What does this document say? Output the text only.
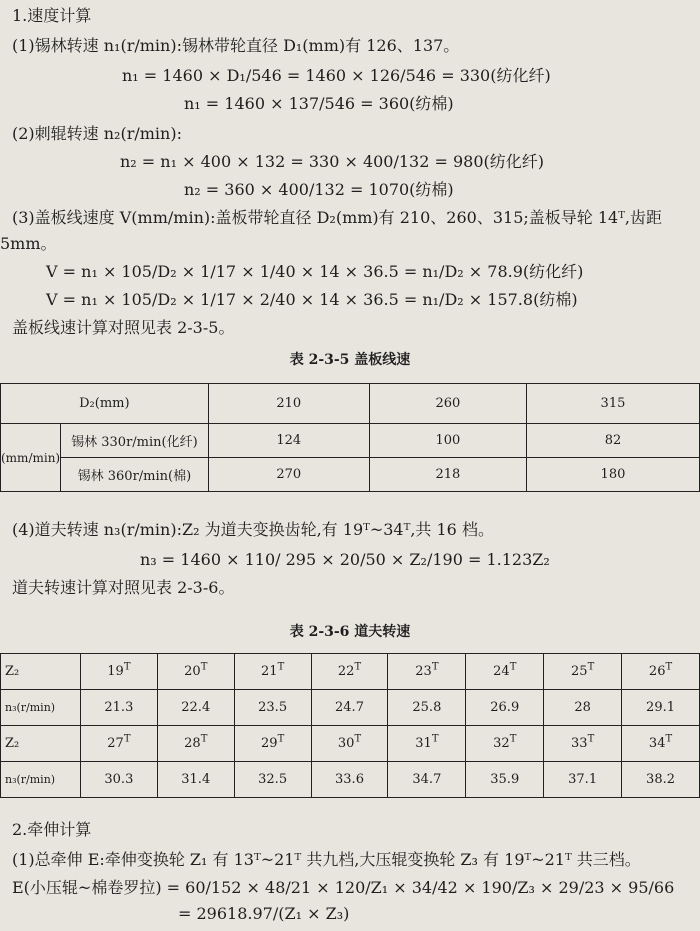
1.速度计算
(1)锡林转速 n₁(r/min):锡林带轮直径 D₁(mm)有 126、137。
n₁ = 1460 × D₁/546 = 1460 × 126/546 = 330(纺化纤)
n₁ = 1460 × 137/546 = 360(纺棉)
(2)刺辊转速 n₂(r/min):
n₂ = n₁ × 400 × 132 = 330 × 400/132 = 980(纺化纤)
n₂ = 360 × 400/132 = 1070(纺棉)
(3)盖板线速度 V(mm/min):盖板带轮直径 D₂(mm)有 210、260、315;盖板导轮 14ᵀ,齿距
5mm。
V = n₁ × 105/D₂ × 1/17 × 1/40 × 14 × 36.5 = n₁/D₂ × 78.9(纺化纤)
V = n₁ × 105/D₂ × 1/17 × 2/40 × 14 × 36.5 = n₁/D₂ × 157.8(纺棉)
盖板线速计算对照见表 2-3-5。
表 2-3-5 盖板线速
D₂(mm)		210	260	315
(mm/min)	锡林 330r/min(化纤)	124	100	82
	锡林 360r/min(棉)	270	218	180
(4)道夫转速 n₃(r/min):Z₂ 为道夫变换齿轮,有 19ᵀ~34ᵀ,共 16 档。
n₃ = 1460 × 110/ 295 × 20/50 × Z₂/190 = 1.123Z₂
道夫转速计算对照见表 2-3-6。
表 2-3-6 道夫转速
Z₂	$19^T$	$20^T$	$21^T$	$22^T$	$23^T$	$24^T$	$25^T$	$26^T$
n₃(r/min)	21.3	22.4	23.5	24.7	25.8	26.9	28	29.1
Z₂	$27^T$	$28^T$	$29^T$	$30^T$	$31^T$	$32^T$	$33^T$	$34^T$
n₃(r/min)	30.3	31.4	32.5	33.6	34.7	35.9	37.1	38.2
2.牵伸计算
(1)总牵伸 E:牵伸变换轮 Z₁ 有 13ᵀ~21ᵀ 共九档,大压辊变换轮 Z₃ 有 19ᵀ~21ᵀ 共三档。
E(小压辊~棉卷罗拉) = 60/152 × 48/21 × 120/Z₁ × 34/42 × 190/Z₃ × 29/23 × 95/66
= 29618.97/(Z₁ × Z₃)
